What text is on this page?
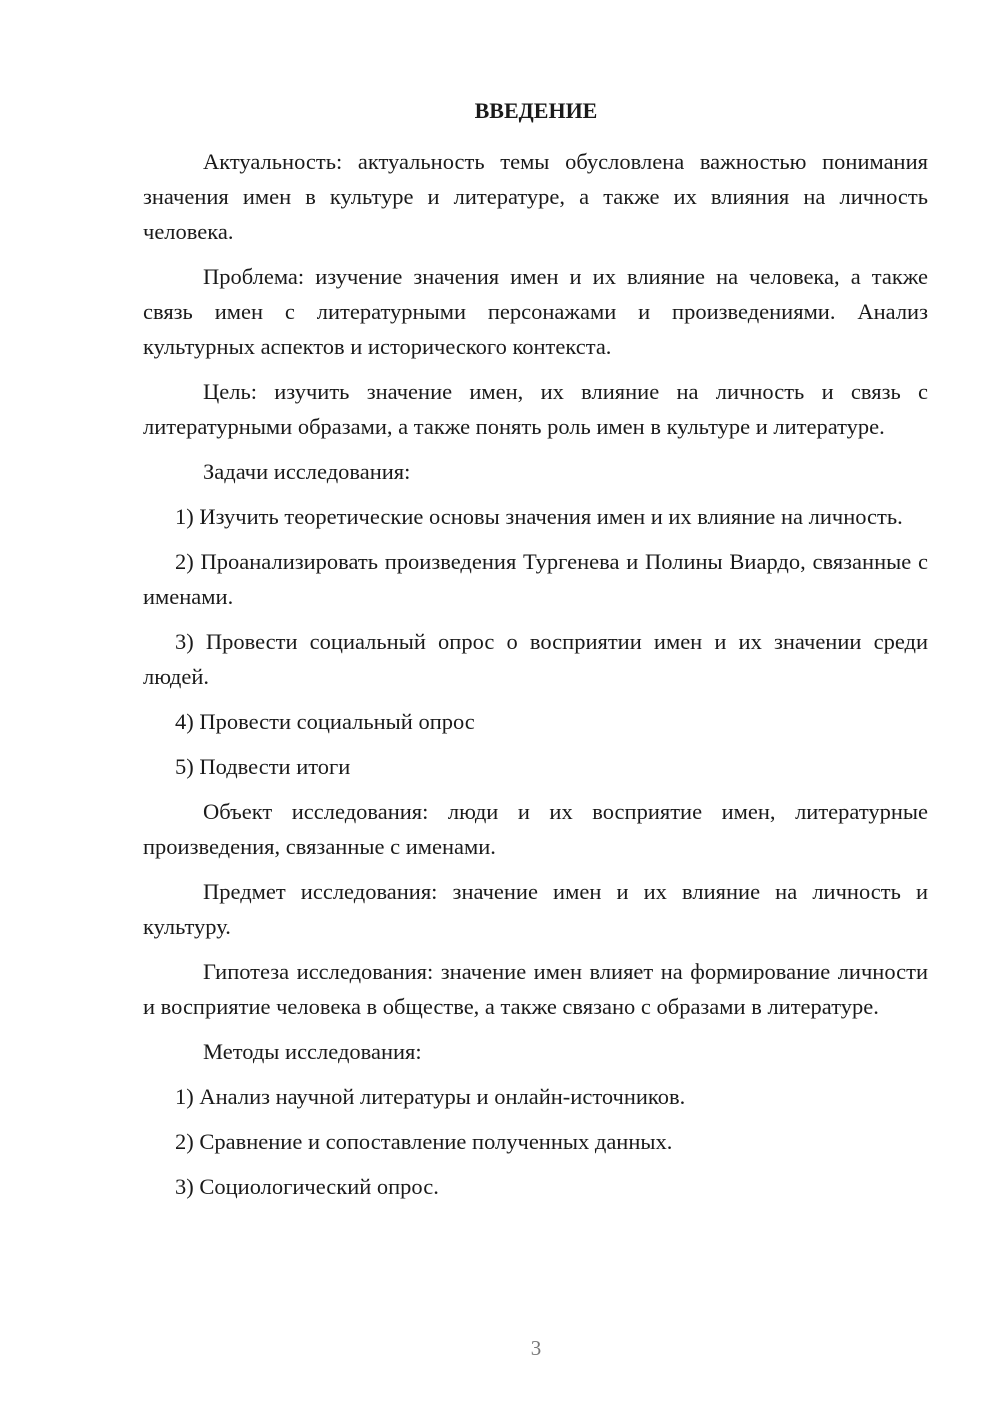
ВВЕДЕНИЕ

Актуальность: актуальность темы обусловлена важностью понимания значения имен в культуре и литературе, а также их влияния на личность человека.

Проблема: изучение значения имен и их влияние на человека, а также связь имен с литературными персонажами и произведениями. Анализ культурных аспектов и исторического контекста.

Цель: изучить значение имен, их влияние на личность и связь с литературными образами, а также понять роль имен в культуре и литературе.

Задачи исследования:

1) Изучить теоретические основы значения имен и их влияние на личность.

2) Проанализировать произведения Тургенева и Полины Виардо, связанные с именами.

3) Провести социальный опрос о восприятии имен и их значении среди людей.

4) Провести социальный опрос

5) Подвести итоги

Объект исследования: люди и их восприятие имен, литературные произведения, связанные с именами.

Предмет исследования: значение имен и их влияние на личность и культуру.

Гипотеза исследования: значение имен влияет на формирование личности и восприятие человека в обществе, а также связано с образами в литературе.

Методы исследования:

1) Анализ научной литературы и онлайн-источников.

2) Сравнение и сопоставление полученных данных.

3) Социологический опрос.

3
